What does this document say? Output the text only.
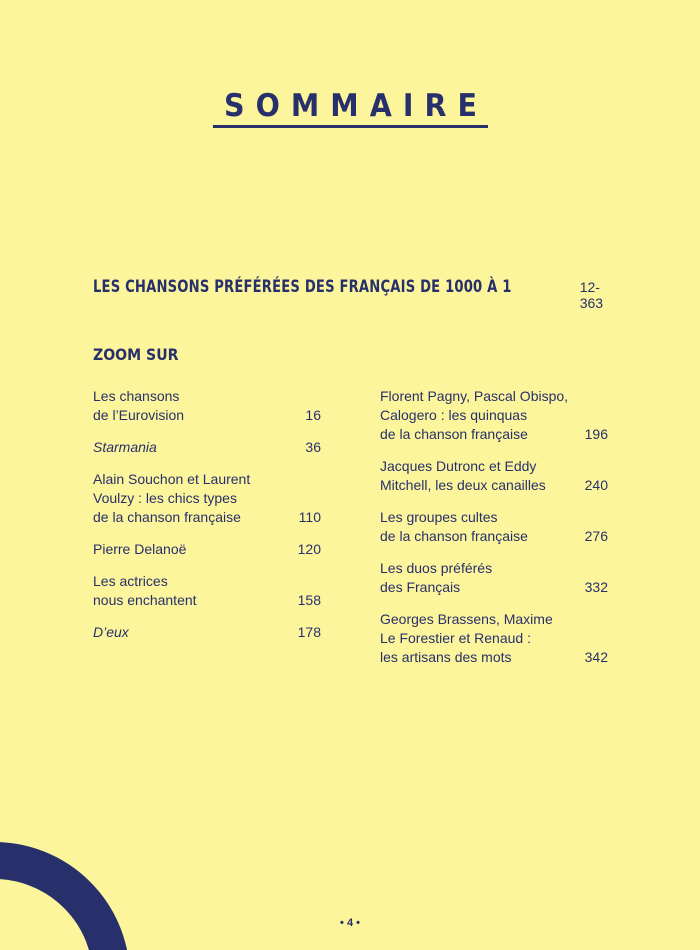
SOMMAIRE
LES CHANSONS PRÉFÉRÉES DES FRANÇAIS DE 1000 À 1	12-363
ZOOM SUR
Les chansons
de l’Eurovision	16
Starmania	36
Alain Souchon et Laurent
Voulzy : les chics types
de la chanson française	110
Pierre Delanoë	120
Les actrices
nous enchantent	158
D’eux	178
Florent Pagny, Pascal Obispo,
Calogero : les quinquas
de la chanson française	196
Jacques Dutronc et Eddy
Mitchell, les deux canailles	240
Les groupes cultes
de la chanson française	276
Les duos préférés
des Français	332
Georges Brassens, Maxime
Le Forestier et Renaud :
les artisans des mots	342
• 4 •
